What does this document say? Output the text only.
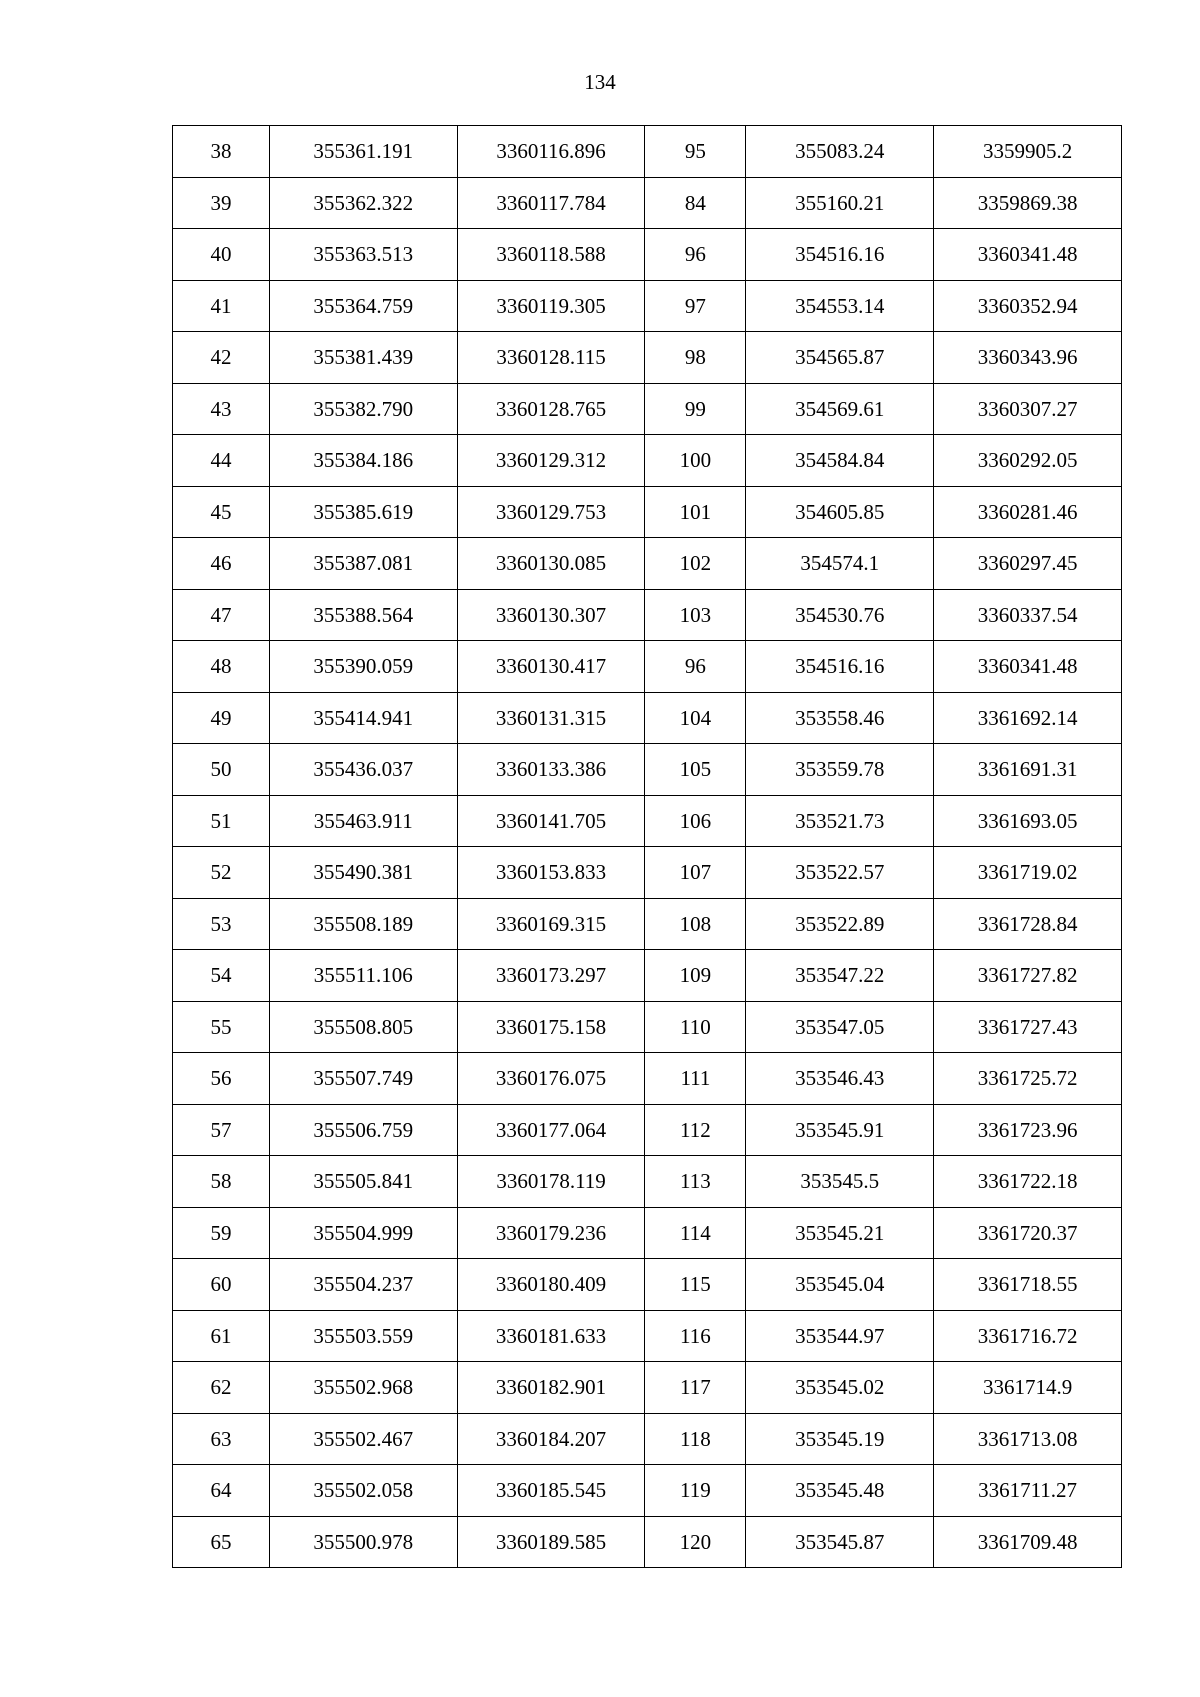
134
38	355361.191	3360116.896	95	355083.24	3359905.2
39	355362.322	3360117.784	84	355160.21	3359869.38
40	355363.513	3360118.588	96	354516.16	3360341.48
41	355364.759	3360119.305	97	354553.14	3360352.94
42	355381.439	3360128.115	98	354565.87	3360343.96
43	355382.790	3360128.765	99	354569.61	3360307.27
44	355384.186	3360129.312	100	354584.84	3360292.05
45	355385.619	3360129.753	101	354605.85	3360281.46
46	355387.081	3360130.085	102	354574.1	3360297.45
47	355388.564	3360130.307	103	354530.76	3360337.54
48	355390.059	3360130.417	96	354516.16	3360341.48
49	355414.941	3360131.315	104	353558.46	3361692.14
50	355436.037	3360133.386	105	353559.78	3361691.31
51	355463.911	3360141.705	106	353521.73	3361693.05
52	355490.381	3360153.833	107	353522.57	3361719.02
53	355508.189	3360169.315	108	353522.89	3361728.84
54	355511.106	3360173.297	109	353547.22	3361727.82
55	355508.805	3360175.158	110	353547.05	3361727.43
56	355507.749	3360176.075	111	353546.43	3361725.72
57	355506.759	3360177.064	112	353545.91	3361723.96
58	355505.841	3360178.119	113	353545.5	3361722.18
59	355504.999	3360179.236	114	353545.21	3361720.37
60	355504.237	3360180.409	115	353545.04	3361718.55
61	355503.559	3360181.633	116	353544.97	3361716.72
62	355502.968	3360182.901	117	353545.02	3361714.9
63	355502.467	3360184.207	118	353545.19	3361713.08
64	355502.058	3360185.545	119	353545.48	3361711.27
65	355500.978	3360189.585	120	353545.87	3361709.48
